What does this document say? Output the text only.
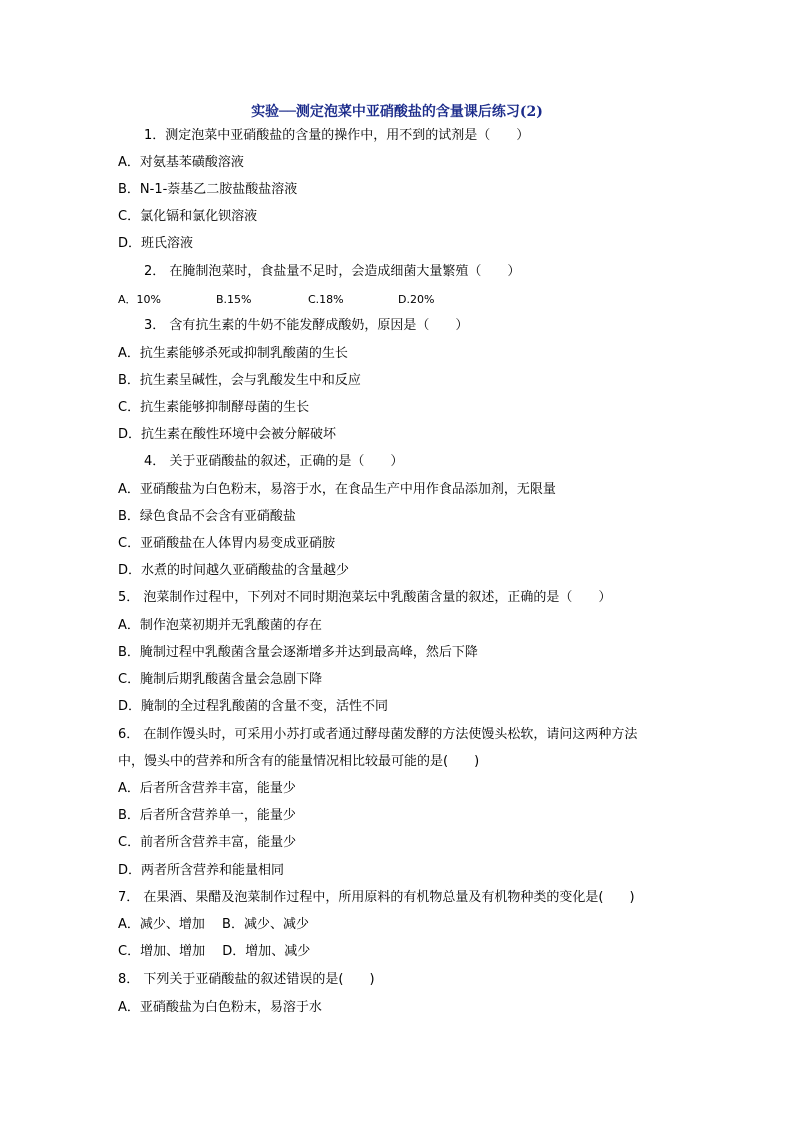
实验──测定泡菜中亚硝酸盐的含量课后练习(2)
1．测定泡菜中亚硝酸盐的含量的操作中，用不到的试剂是（　　）
A．对氨基苯磺酸溶液
B．N-1-萘基乙二胺盐酸盐溶液
C．氯化镉和氯化钡溶液
D．班氏溶液
2． 在腌制泡菜时，食盐量不足时，会造成细菌大量繁殖（　　）
A．10%	B.15%	C.18%	D.20%
3． 含有抗生素的牛奶不能发酵成酸奶，原因是（　　）
A．抗生素能够杀死或抑制乳酸菌的生长
B．抗生素呈碱性，会与乳酸发生中和反应
C．抗生素能够抑制酵母菌的生长
D．抗生素在酸性环境中会被分解破坏
4． 关于亚硝酸盐的叙述，正确的是（　　）
A．亚硝酸盐为白色粉末，易溶于水，在食品生产中用作食品添加剂，无限量
B．绿色食品不会含有亚硝酸盐
C．亚硝酸盐在人体胃内易变成亚硝胺
D．水煮的时间越久亚硝酸盐的含量越少
5． 泡菜制作过程中，下列对不同时期泡菜坛中乳酸菌含量的叙述，正确的是（　　）
A．制作泡菜初期并无乳酸菌的存在
B．腌制过程中乳酸菌含量会逐渐增多并达到最高峰，然后下降
C．腌制后期乳酸菌含量会急剧下降
D．腌制的全过程乳酸菌的含量不变，活性不同
6． 在制作馒头时，可采用小苏打或者通过酵母菌发酵的方法使馒头松软，请问这两种方法
中，馒头中的营养和所含有的能量情况相比较最可能的是(　　)
A．后者所含营养丰富，能量少
B．后者所含营养单一，能量少
C．前者所含营养丰富，能量少
D．两者所含营养和能量相同
7． 在果酒、果醋及泡菜制作过程中，所用原料的有机物总量及有机物种类的变化是(　　)
A．减少、增加　 B．减少、减少
C．增加、增加　 D．增加、减少
8． 下列关于亚硝酸盐的叙述错误的是(　　)
A．亚硝酸盐为白色粉末，易溶于水
